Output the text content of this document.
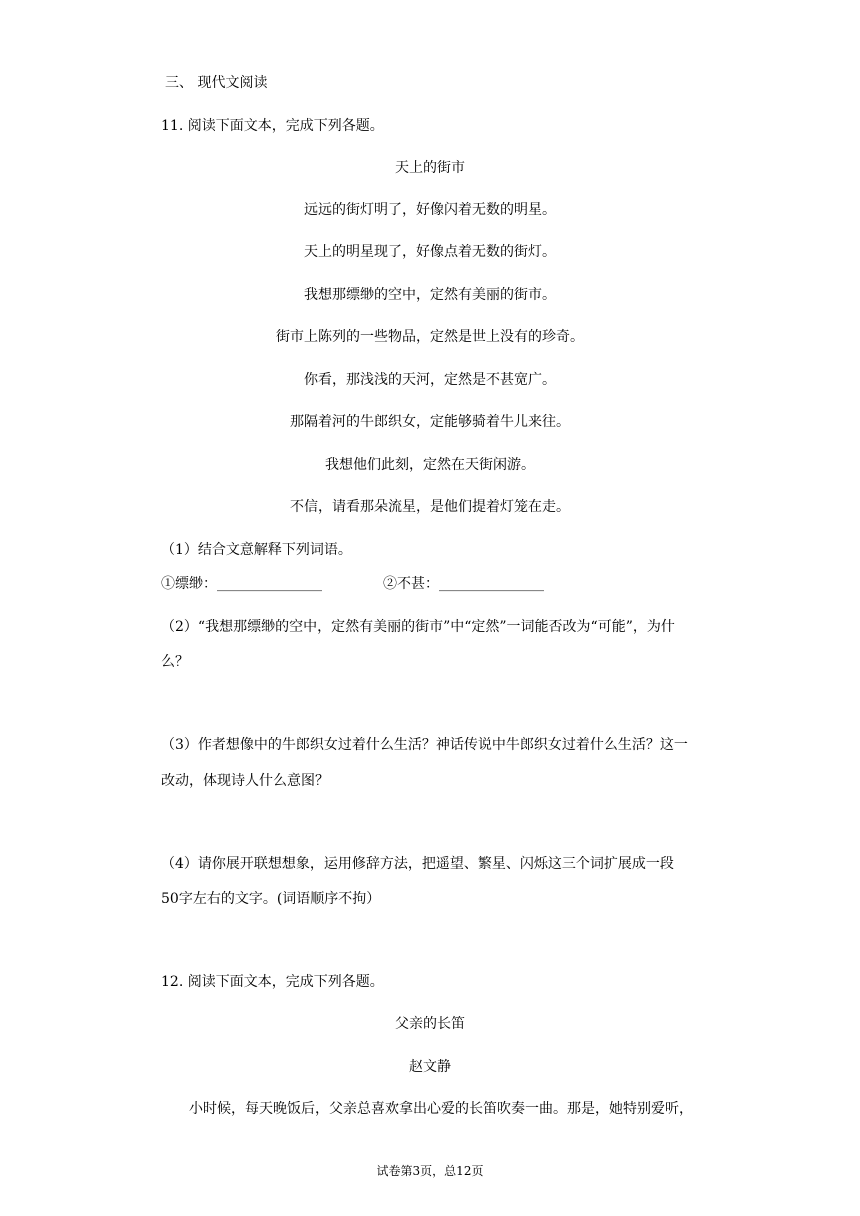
三、 现代文阅读
11. 阅读下面文本，完成下列各题。
天上的街市
远远的街灯明了，好像闪着无数的明星。
天上的明星现了，好像点着无数的街灯。
我想那缥缈的空中，定然有美丽的街市。
街市上陈列的一些物品，定然是世上没有的珍奇。
你看，那浅浅的天河，定然是不甚宽广。
那隔着河的牛郎织女，定能够骑着牛儿来往。
我想他们此刻，定然在天街闲游。
不信，请看那朵流星，是他们提着灯笼在走。
（1）结合文意解释下列词语。
①缥缈：_______________	②不甚：_______________
（2）“我想那缥缈的空中，定然有美丽的街市”中“定然”一词能否改为“可能”，为什
么？
（3）作者想像中的牛郎织女过着什么生活？神话传说中牛郎织女过着什么生活？这一
改动，体现诗人什么意图？
（4）请你展开联想想象，运用修辞方法，把遥望、繁星、闪烁这三个词扩展成一段
50字左右的文字。(词语顺序不拘）
12. 阅读下面文本，完成下列各题。
父亲的长笛
赵文静
小时候，每天晚饭后，父亲总喜欢拿出心爱的长笛吹奏一曲。那是，她特别爱听，
试卷第3页，总12页
